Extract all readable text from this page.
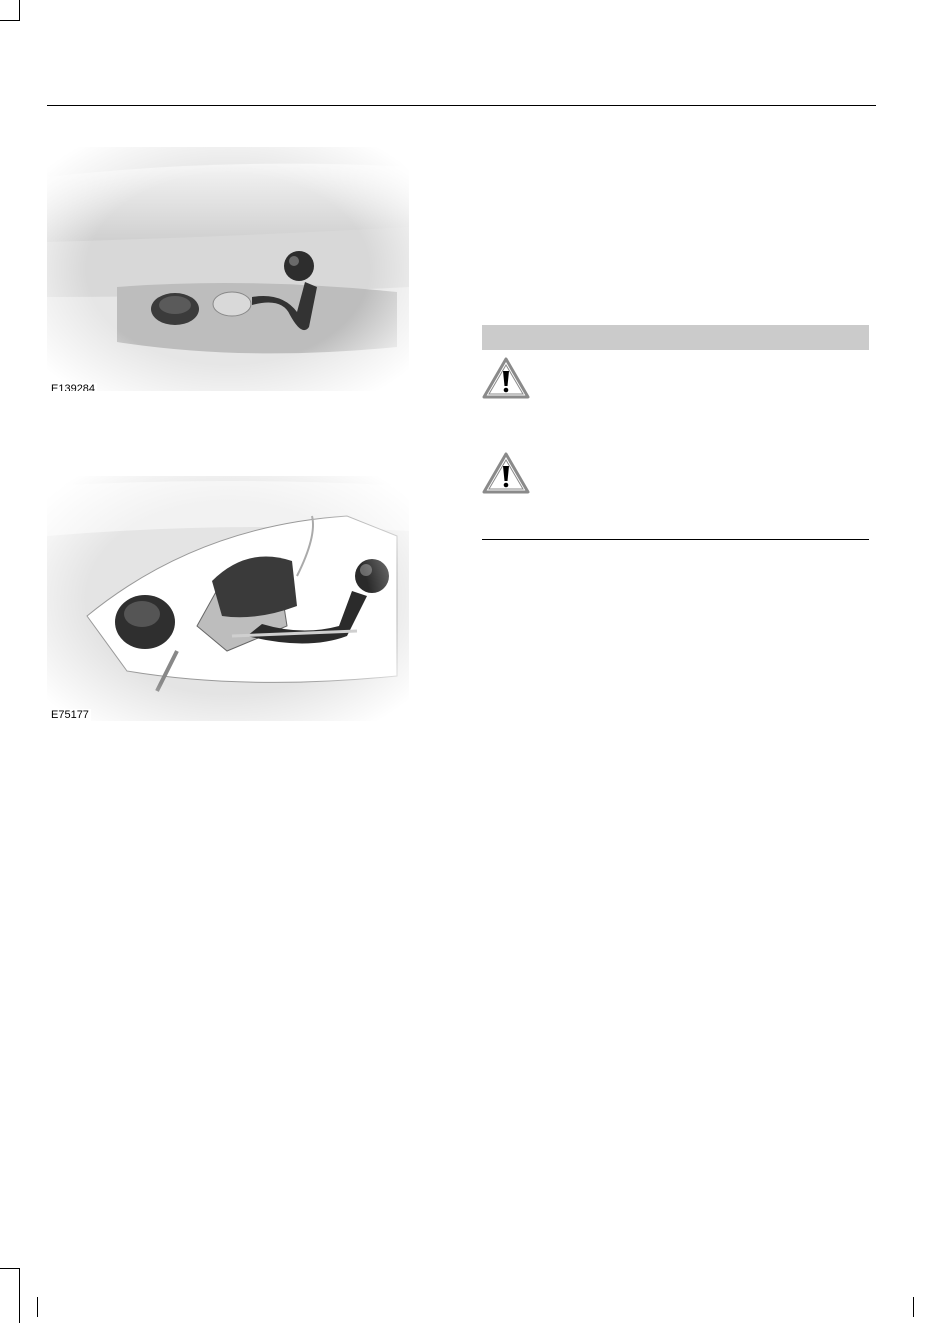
E139284
E75177
